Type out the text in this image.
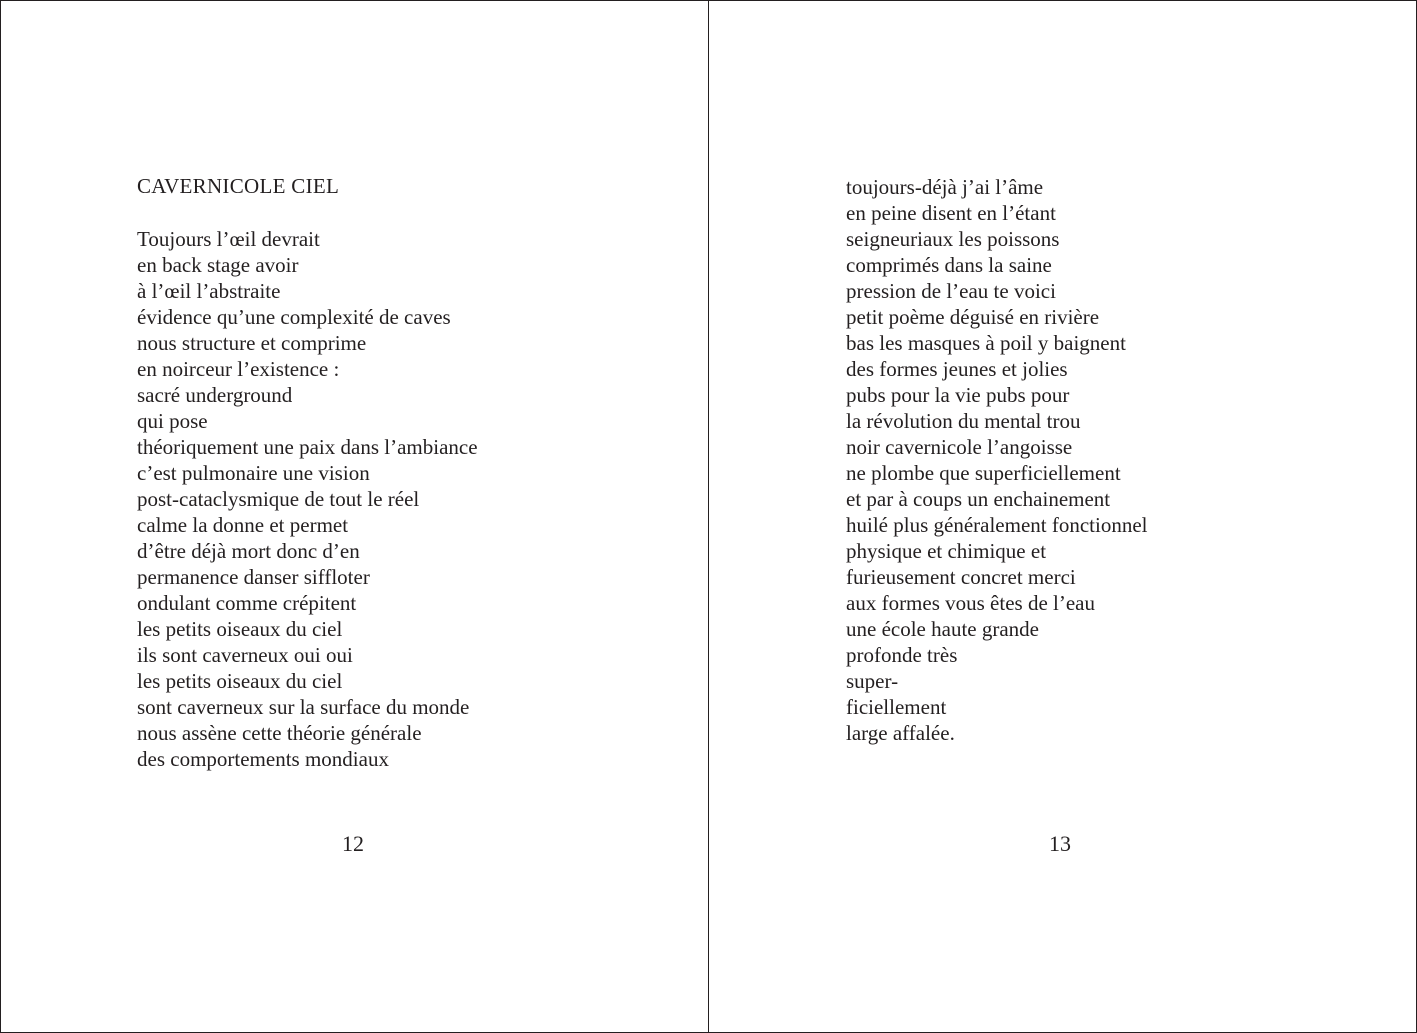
CAVERNICOLE CIEL
Toujours l’œil devrait
en back stage avoir
à l’œil l’abstraite
évidence qu’une complexité de caves
nous structure et comprime
en noirceur l’existence :
sacré underground
qui pose
théoriquement une paix dans l’ambiance
c’est pulmonaire une vision
post-cataclysmique de tout le réel
calme la donne et permet
d’être déjà mort donc d’en
permanence danser siffloter
ondulant comme crépitent
les petits oiseaux du ciel
ils sont caverneux oui oui
les petits oiseaux du ciel
sont caverneux sur la surface du monde
nous assène cette théorie générale
des comportements mondiaux
12
toujours-déjà j’ai l’âme
en peine disent en l’étant
seigneuriaux les poissons
comprimés dans la saine
pression de l’eau te voici
petit poème déguisé en rivière
bas les masques à poil y baignent
des formes jeunes et jolies
pubs pour la vie pubs pour
la révolution du mental trou
noir cavernicole l’angoisse
ne plombe que superficiellement
et par à coups un enchainement
huilé plus généralement fonctionnel
physique et chimique et
furieusement concret merci
aux formes vous êtes de l’eau
une école haute grande
profonde très
super-
ficiellement
large affalée.
13
